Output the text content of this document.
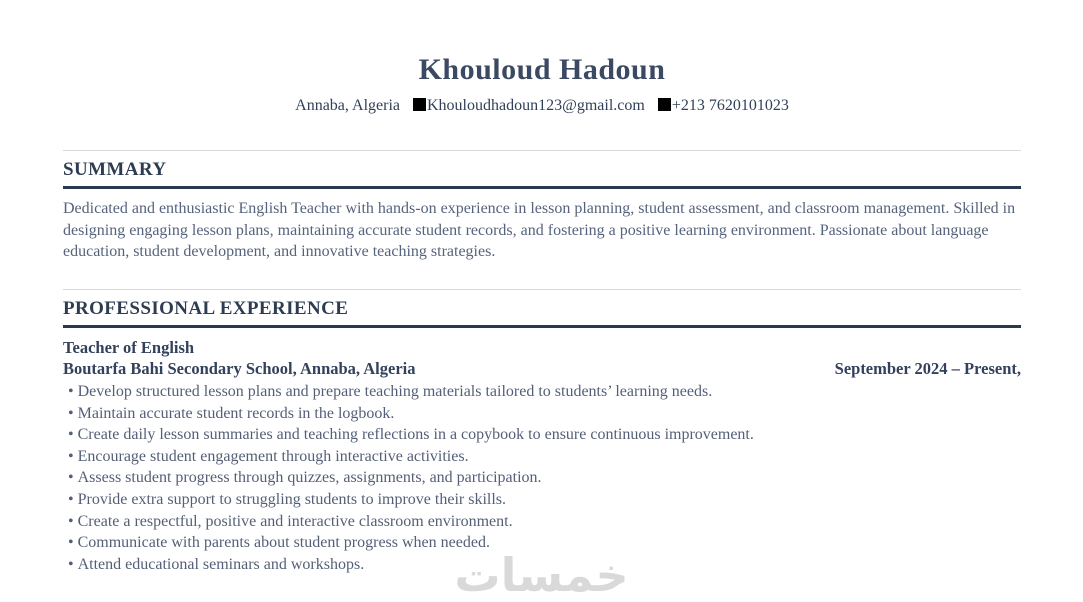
Khouloud Hadoun
Annaba, Algeria Khouloudhadoun123@gmail.com +213 7620101023
SUMMARY

Dedicated and enthusiastic English Teacher with hands-on experience in lesson planning, student assessment, and classroom management. Skilled in designing engaging lesson plans, maintaining accurate student records, and fostering a positive learning environment. Passionate about language education, student development, and innovative teaching strategies.

PROFESSIONAL EXPERIENCE
Teacher of English
Boutarfa Bahi Secondary School, Annaba, Algeria	September 2024 – Present,
• Develop structured lesson plans and prepare teaching materials tailored to students’ learning needs.
• Maintain accurate student records in the logbook.
• Create daily lesson summaries and teaching reflections in a copybook to ensure continuous improvement.
• Encourage student engagement through interactive activities.
• Assess student progress through quizzes, assignments, and participation.
• Provide extra support to struggling students to improve their skills.
• Create a respectful, positive and interactive classroom environment.
• Communicate with parents about student progress when needed.
• Attend educational seminars and workshops.	خمسات
